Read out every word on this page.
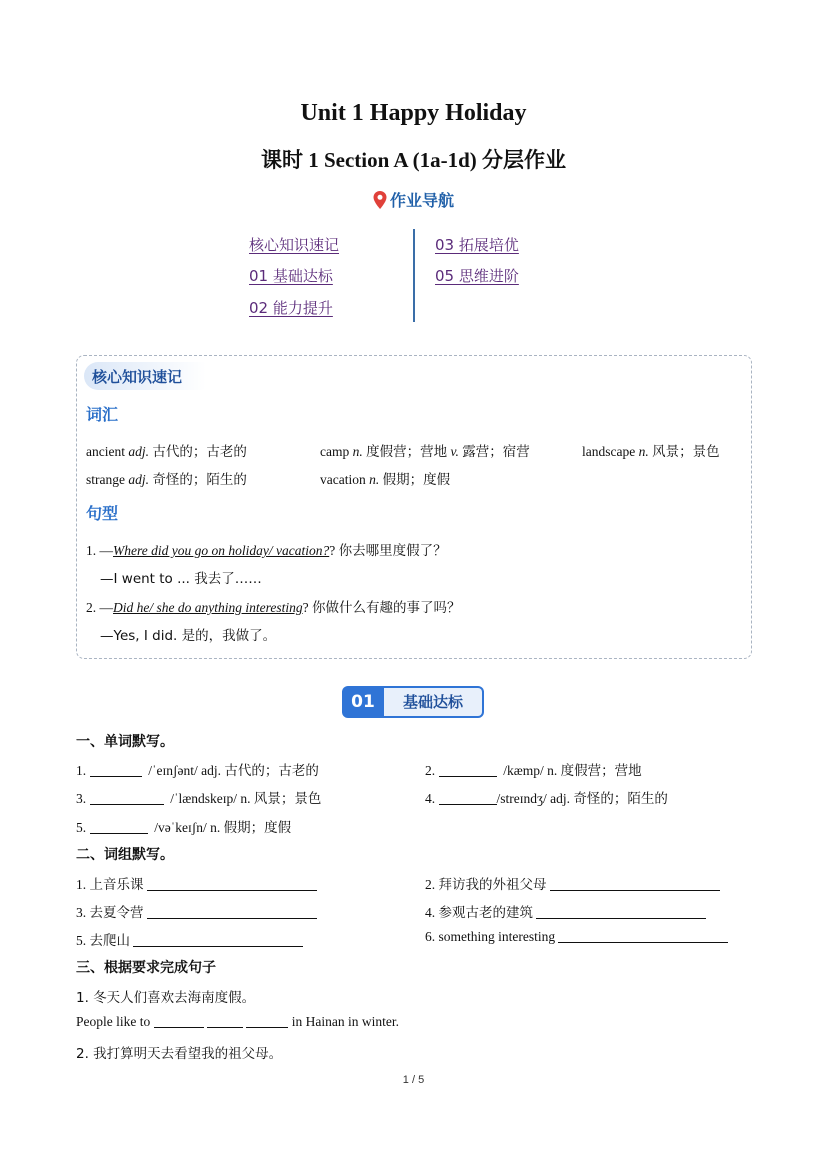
Unit 1 Happy Holiday
课时 1 Section A (1a-1d) 分层作业
作业导航
核心知识速记
01 基础达标
02 能力提升
03 拓展培优
05 思维进阶
核心知识速记
词汇
ancient adj. 古代的；古老的	camp n. 度假营；营地 v. 露营；宿营	landscape n. 风景；景色
strange adj. 奇怪的；陌生的	vacation n. 假期；度假
句型
1. —Where did you go on holiday/ vacation?? 你去哪里度假了？
—I went to ... 我去了……
2. —Did he/ she do anything interesting? 你做什么有趣的事了吗？
—Yes, I did. 是的，我做了。
01	基础达标
一、单词默写。
1.	/ˈeɪnʃənt/ adj. 古代的；古老的	2.	/kæmp/ n. 度假营；营地
3.	/ˈlændskeɪp/ n. 风景；景色	4.	/streɪndʒ/ adj. 奇怪的；陌生的
5.	/vəˈkeɪʃn/ n. 假期；度假
二、词组默写。
1. 上音乐课	2. 拜访我的外祖父母
3. 去夏令营	4. 参观古老的建筑
5. 去爬山	6. something interesting
三、根据要求完成句子
1. 冬天人们喜欢去海南度假。
People like to	in Hainan in winter.
2. 我打算明天去看望我的祖父母。
1 / 5
